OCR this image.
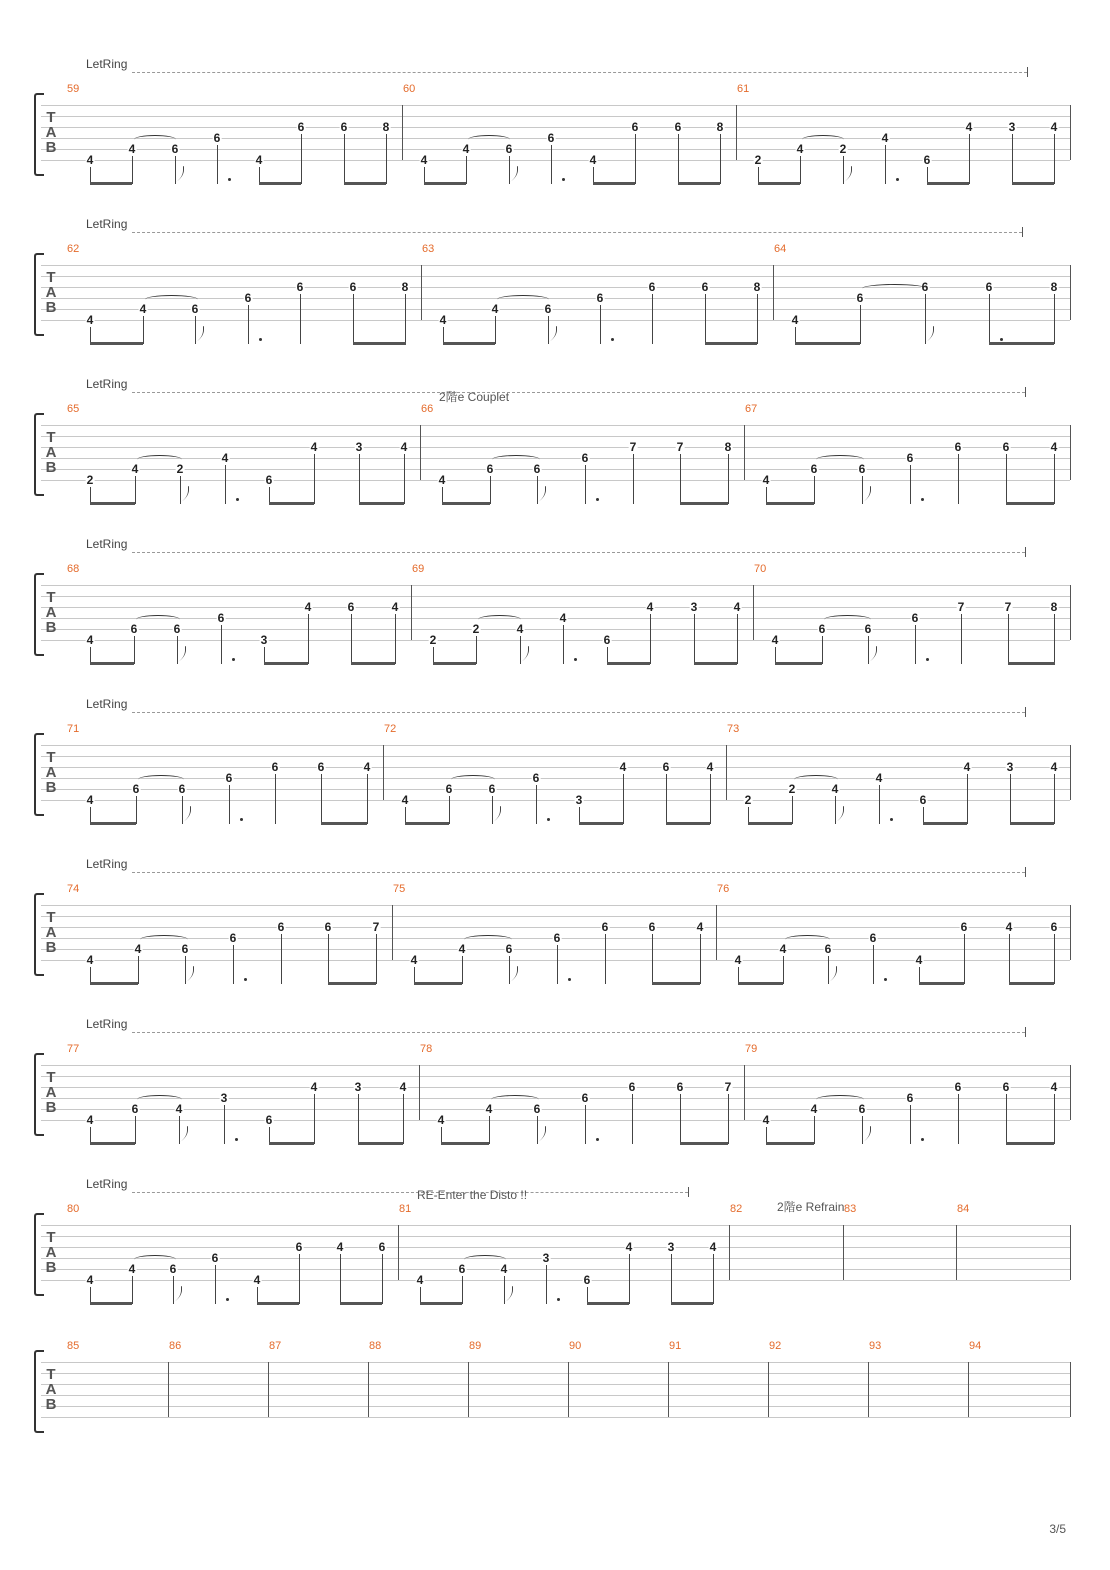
LetRing
T
A
B
59
4
4	6
6
4
6	6	8
60
4
4	6
6
4
6	6	8
61
2
4	2
4
6
4	3	4
LetRing
T
A
B
62
4
4	6
6
6	6	8
63
4
4	6
6
6	6	8
64
4
6
6	6	8
LetRing
2階e Couplet
T
A
B
65
2
4	2
4
6
4	3	4
66
4
6	6
6
7	7	8
67
4
6	6
6
6	6	4
LetRing
T
A
B
68
4
6	6
6
3
4	6	4
69
2
2	4
4
6
4	3	4
70
4
6	6
6
7	7	8
LetRing
T
A
B
71
4
6	6
6
6	6	4
72
4
6	6
6
3
4	6	4
73
2
2	4
4
6
4	3	4
LetRing
T
A
B
74
4
4	6
6
6	6	7
75
4
4	6
6
6	6	4
76
4
4	6
6
4
6	4	6
LetRing
T
A
B
77
4
6	4
3
6
4	3	4
78
4
4	6
6
6	6	7
79
4
4	6
6
6	6	4
LetRing
RE-Enter the Disto !!
2階e Refrain
T
A
B
80
4
4	6
6
4
6	4	6
81
4
6	4
3
6
4	3	4
82	83	84
T
A
B
85	86	87	88	89	90	91	92	93	94
3/5
